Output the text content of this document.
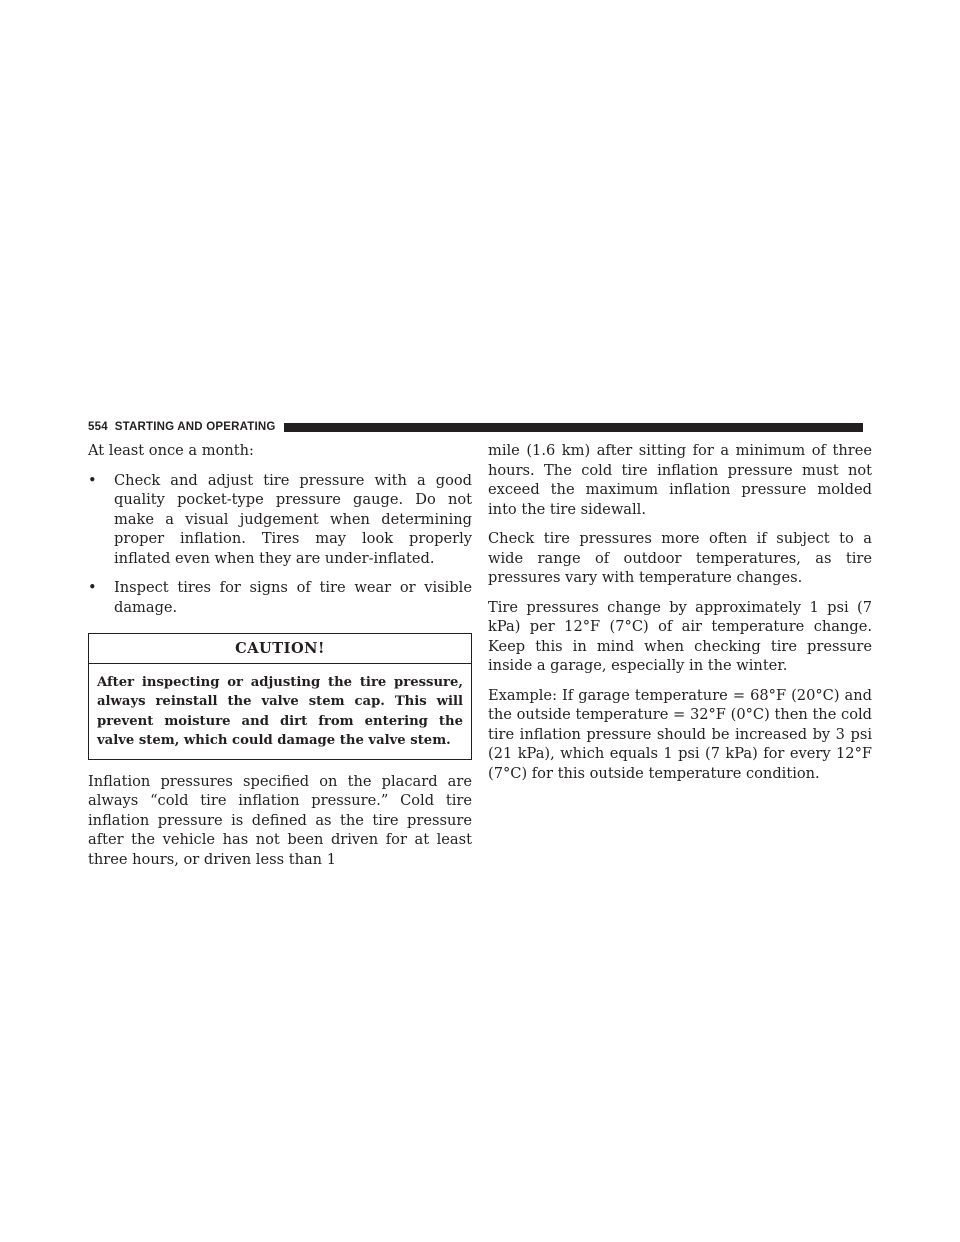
554 STARTING AND OPERATING

At least once a month:

•	Check and adjust tire pressure with a good quality pocket-type pressure gauge. Do not make a visual judgement when determining proper inflation. Tires may look properly inflated even when they are under-inflated.
•	Inspect tires for signs of tire wear or visible damage.
CAUTION!
After inspecting or adjusting the tire pressure, always reinstall the valve stem cap. This will prevent moisture and dirt from entering the valve stem, which could damage the valve stem.

Inflation pressures specified on the placard are always “cold tire inflation pressure.” Cold tire inflation pressure is defined as the tire pressure after the vehicle has not been driven for at least three hours, or driven less than 1

mile (1.6 km) after sitting for a minimum of three hours. The cold tire inflation pressure must not exceed the maximum inflation pressure molded into the tire sidewall.

Check tire pressures more often if subject to a wide range of outdoor temperatures, as tire pressures vary with temperature changes.

Tire pressures change by approximately 1 psi (7 kPa) per 12°F (7°C) of air temperature change. Keep this in mind when checking tire pressure inside a garage, especially in the winter.

Example: If garage temperature = 68°F (20°C) and the outside temperature = 32°F (0°C) then the cold tire inflation pressure should be increased by 3 psi (21 kPa), which equals 1 psi (7 kPa) for every 12°F (7°C) for this outside temperature condition.
